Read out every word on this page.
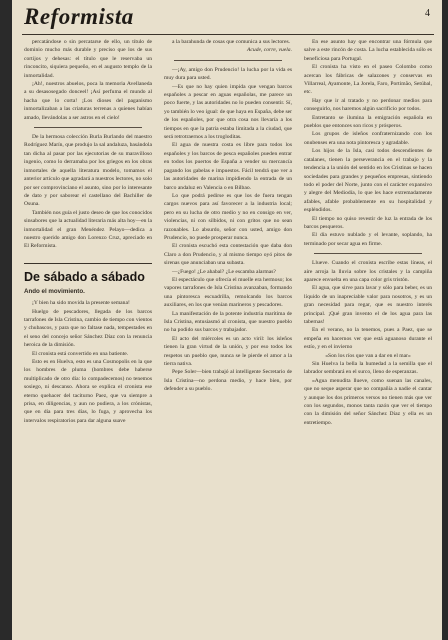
Reformista	4

percatándose o sin percatarse de ello, un título de dominio mucho más durable y preciso que los de sus cortijos y dehesas: el título que le reservaba un rinconcito, siquiera pequeño, en el augusto templo de la inmortalidad.

¡Ah!, nuestros abuelos, poca la memoria Avellaneda a su desasosegado donceel! ¡Así perfuma el mundo al hacha que lo corta! ¡Los dioses del paganismo inmortalizaban a las criaturas terrenas a quienes habían amado, llevándolas a ser astros en el cielo!

De la hermosa colección Burla Burlando del maestro Rodríguez Marín, que produjo la sal andaluza, basándola tan dicha al pasar por las ejecutorias de su maravilloso ingenio, como lo derramaba por los griegos en los obras inmortales de aquella literatura modelo, tomamos el anterior artículo que agradará a nuestros lectores, no solo por ser comprovinciano el asunto, sino por lo interesante de dato y por saborear el castellano del Bachiller de Osuna.

También nos guía el justo deseo de que los conocidos sinsabores que la actualidad literaria más alta hoy—en la inmortalidad el gran Menéndez Pelayo—dedica a nuestro querido amigo don Lorenzo Cruz, apreciado en El Reformista.

De sábado a sábado
Ando el movimiento.

¡Y bien ha sido movida la presente semana!

Huelgo de pescadores, llegada de los barcos tarrafones de Isla Cristina, cambio de tiempo con vientos y chubascos, y para que no faltase nada, tempestades en el seno del concejo señor Sánchez Díaz con la renuncia heroica de la dimisión.

El cronista está convertido en una batiente.

Esto es en Huelva, esto es una Cosmopolis en la que los hombres de pluma (hombres debe haberse multiplicado de otro día: lo compadecemos) no tenemos sosiego, ni descanso. Ahora se explica el cronista ese eterno quehacer del taciturno Paez, que va siempre a prisa, en diligencias, y aun no pudiera, a los crónistas, que en día para tres días, lo fuga, y aprovecha los intervalos respiratorios para dar alguna suave

a la barahunda de cosas que comunica a sus lectores.

Acude, corre, vuela.

—¡Ay, amigo don Prudencio! la lucha por la vida es muy dura para usted.

—Es que no hay quien impida que vengan barcos españoles a pescar en aguas españolas, me parece un poco fuerte, y las autoridades no lo pueden consentir. Sí, yo también lo veo igual: de que haya en España, debe ser de los españoles, por que otra cosa nos llevaría a los tiempos en que la patria estaba limitada a la ciudad, que será retrotraernos a los trogloditas.

El agua de nuestra costa es libre para todos los españoles y los barcos de pesca españoles pueden entrar en todos los puertos de España a vender su mercancía pagando los gabelas e impuestos. Fácil tendrá que ver a las autoridades de marina impidiendo la entrada de un barco andaluz en Valencia o en Bilbao.

Lo que podrá pedirse es que los de fuera tengan cargos nuevos para así favorecer a la industria local; pero en su lucha de otro medio y no en consigo en ver, violencias, ni con silbidos, ni con gritos que no sean razonables. Lo absurdo, señor con usted, amigo don Prudencio, no puede prosperar nunca.

El cronista escuchó esta contestación que daba don Claro a don Prudencio, y al mismo tiempo oyó pitos de sirenas que anunciaban una subasta.

—¿Fuego! ¿Le ahabal? ¿Le escamba alarmas?

El espectáculo que ofrecía el muelle era hermoso; los vapores tarrafones de Isla Cristina avanzaban, formando una pintoresca escuadrilla, remolcando los barcos auxiliares, en los que venían marineros y pescadores.

La manifestación de la potente industria marítima de Isla Cristina, entusiasmó al cronista, que nuestro pueblo no ha podido sus barcos y trabajador.

El acto del miércoles es un acto viril: los isleños tienen la gran virtud de la unión, y por eso todos los respetos un pueblo que, nunca se le pierde el amor a la tierra nativa.

Pepe Soler—bien trabajó al intelligente Secretario de Isla Cristina—no perdona medio, y hace bien, por defender a su pueblo.

En ese asunto hay que encontrar una fórmula que salve a este rincón de costa. La lucha establecida sólo es beneficiosa para Portugal.

El cronista ha visto en el paseo Colombo como acercan los fábricas de salazones y conservas en Villarreal, Ayamonte, La Jorela, Faro, Portimão, Setúbal, etc.

Hay que ir al tratado y no perdonar medios para conseguirlo, nos haremos algún sacrificio por todos.

Entretanto se ilumina la emigración española en pueblos que entonces son ricos y prósperos.

Los grupos de isleños confraternizando con los onubenses era una nota pintoresca y agradable.

Los hijos de la Isla, casi todos descendientes de catalanes, tienen la perseverancia en el trabajo y la tendencia a la unión del sentido en los Cristinas se hacen sociedades para grandes y pequeños empresas, sintiendo todo el poder del Norte, junto con el carácter expansivo y alegre del Mediodía, lo que les hace extremadamente afables, afable probablemente en su hospitalidad y espléndidos.

El tiempo no quiso revestir de luz la entrada de los barcos pesqueros.

El día estuvo nublado y el levante, soplando, ha terminado por secar agua en firme.

Llueve. Cuando el cronista escribe estas líneas, el aire arroja la lluvia sobre los cristales y la campiña aparece envuelta en una capa color gris tristón.

El agua, que sirve para lavar y sólo para beber, es un líquido de un inapreciable valor para nosotros, y es un gran necesidad para regar, que es nuestro interés principal. ¡Qué gran invento el de los agua para las tabernas!

En el verano, no la tenemos, pues a Paez, que se empeña en hacernos ver que está aguanoso durante el estío, y en el invierno

«Son los ríos que van a dar en el mar»

Sin Huelva la bella la humedad a la semilla que el labrador sembrará en el surco, lleno de esperanzas.

«Agua menudita llueve, como suenan las canales, que no seque asperar que no compañía a nadie el cantar y aunque los dos primeros versos no tienen más que ver con los segundos, monos tanta razón que ver el tiempo con la dimisión del señor Sánchez Díaz y ella es un entretiempo.
